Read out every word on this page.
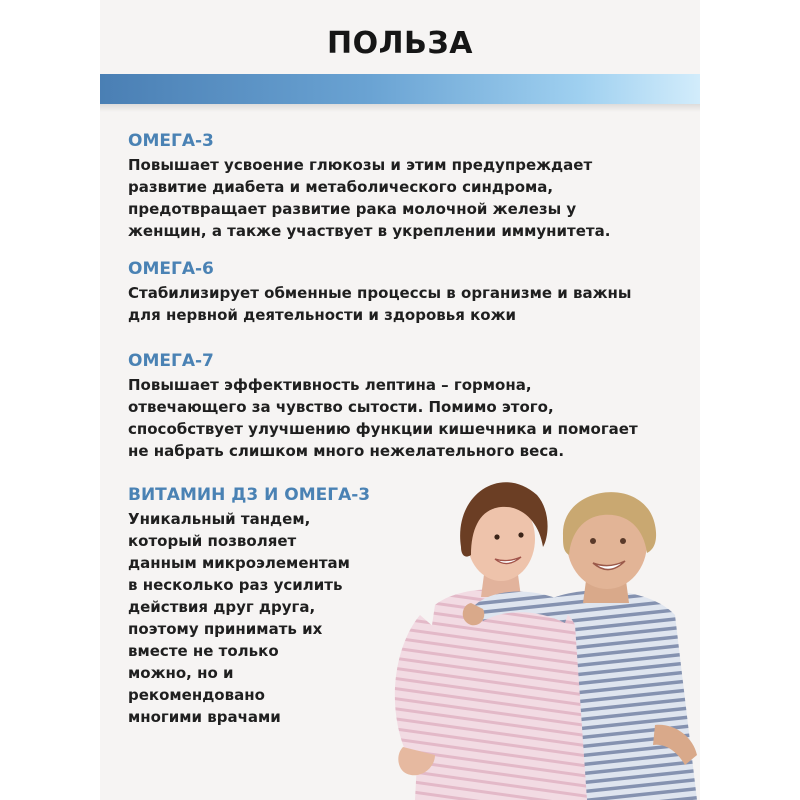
ПОЛЬЗА
ОМЕГА-3
Повышает усвоение глюкозы и этим предупреждает
развитие диабета и метаболического синдрома,
предотвращает развитие рака молочной железы у
женщин, а также участвует в укреплении иммунитета.
ОМЕГА-6
Стабилизирует обменные процессы в организме и важны
для нервной деятельности и здоровья кожи
ОМЕГА-7
Повышает эффективность лептина – гормона,
отвечающего за чувство сытости. Помимо этого,
способствует улучшению функции кишечника и помогает
не набрать слишком много нежелательного веса.
ВИТАМИН Д3 И ОМЕГА-3
Уникальный тандем,
который позволяет
данным микроэлементам
в несколько раз усилить
действия друг друга,
поэтому принимать их
вместе не только
можно, но и
рекомендовано
многими врачами
